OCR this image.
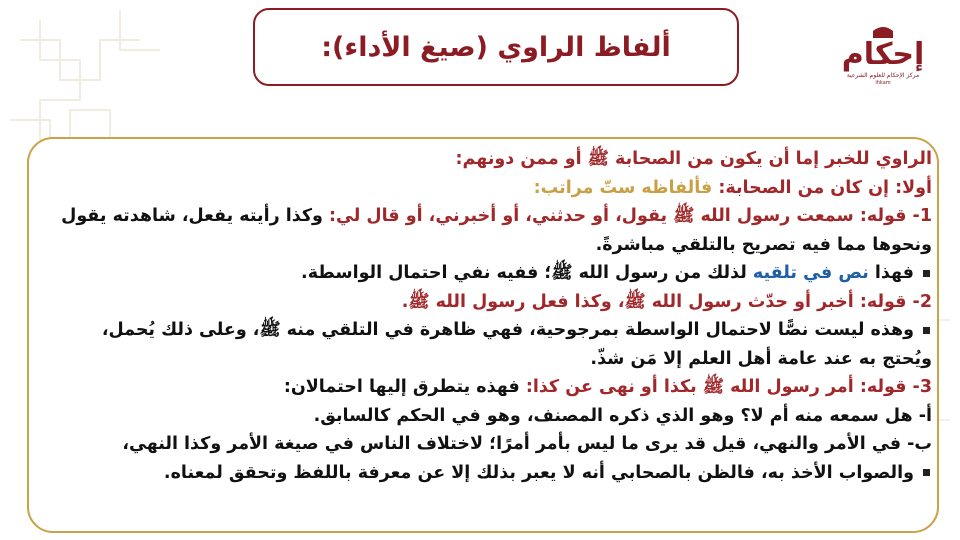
ألفاظ الراوي (صيغ الأداء):	إحكام
مركز الإحكام للعلوم الشرعية
ihkam
الراوي للخبر إما أن يكون من الصحابة ﷺ أو ممن دونهم:
أولا: إن كان من الصحابة: فألفاظه ستّ مراتب:
1- قوله: سمعت رسول الله ﷺ يقول، أو حدثني، أو أخبرني، أو قال لي: وكذا رأيته يفعل، شاهدته يقول
ونحوها مما فيه تصريح بالتلقي مباشرةً.
فهذا نص في تلقيه لذلك من رسول الله ﷺ؛ ففيه نفي احتمال الواسطة.
2- قوله: أخبر أو حدّث رسول الله ﷺ، وكذا فعل رسول الله ﷺ.
وهذه ليست نصًّا لاحتمال الواسطة بمرجوحية، فهي ظاهرة في التلقي منه ﷺ، وعلى ذلك يُحمل،
ويُحتج به عند عامة أهل العلم إلا مَن شذّ.
3- قوله: أمر رسول الله ﷺ بكذا أو نهى عن كذا: فهذه يتطرق إليها احتمالان:
أ- هل سمعه منه أم لا؟ وهو الذي ذكره المصنف، وهو في الحكم كالسابق.
ب- في الأمر والنهي، قيل قد يرى ما ليس بأمر أمرًا؛ لاختلاف الناس في صيغة الأمر وكذا النهي،
والصواب الأخذ به، فالظن بالصحابي أنه لا يعبر بذلك إلا عن معرفة باللفظ وتحقق لمعناه.
